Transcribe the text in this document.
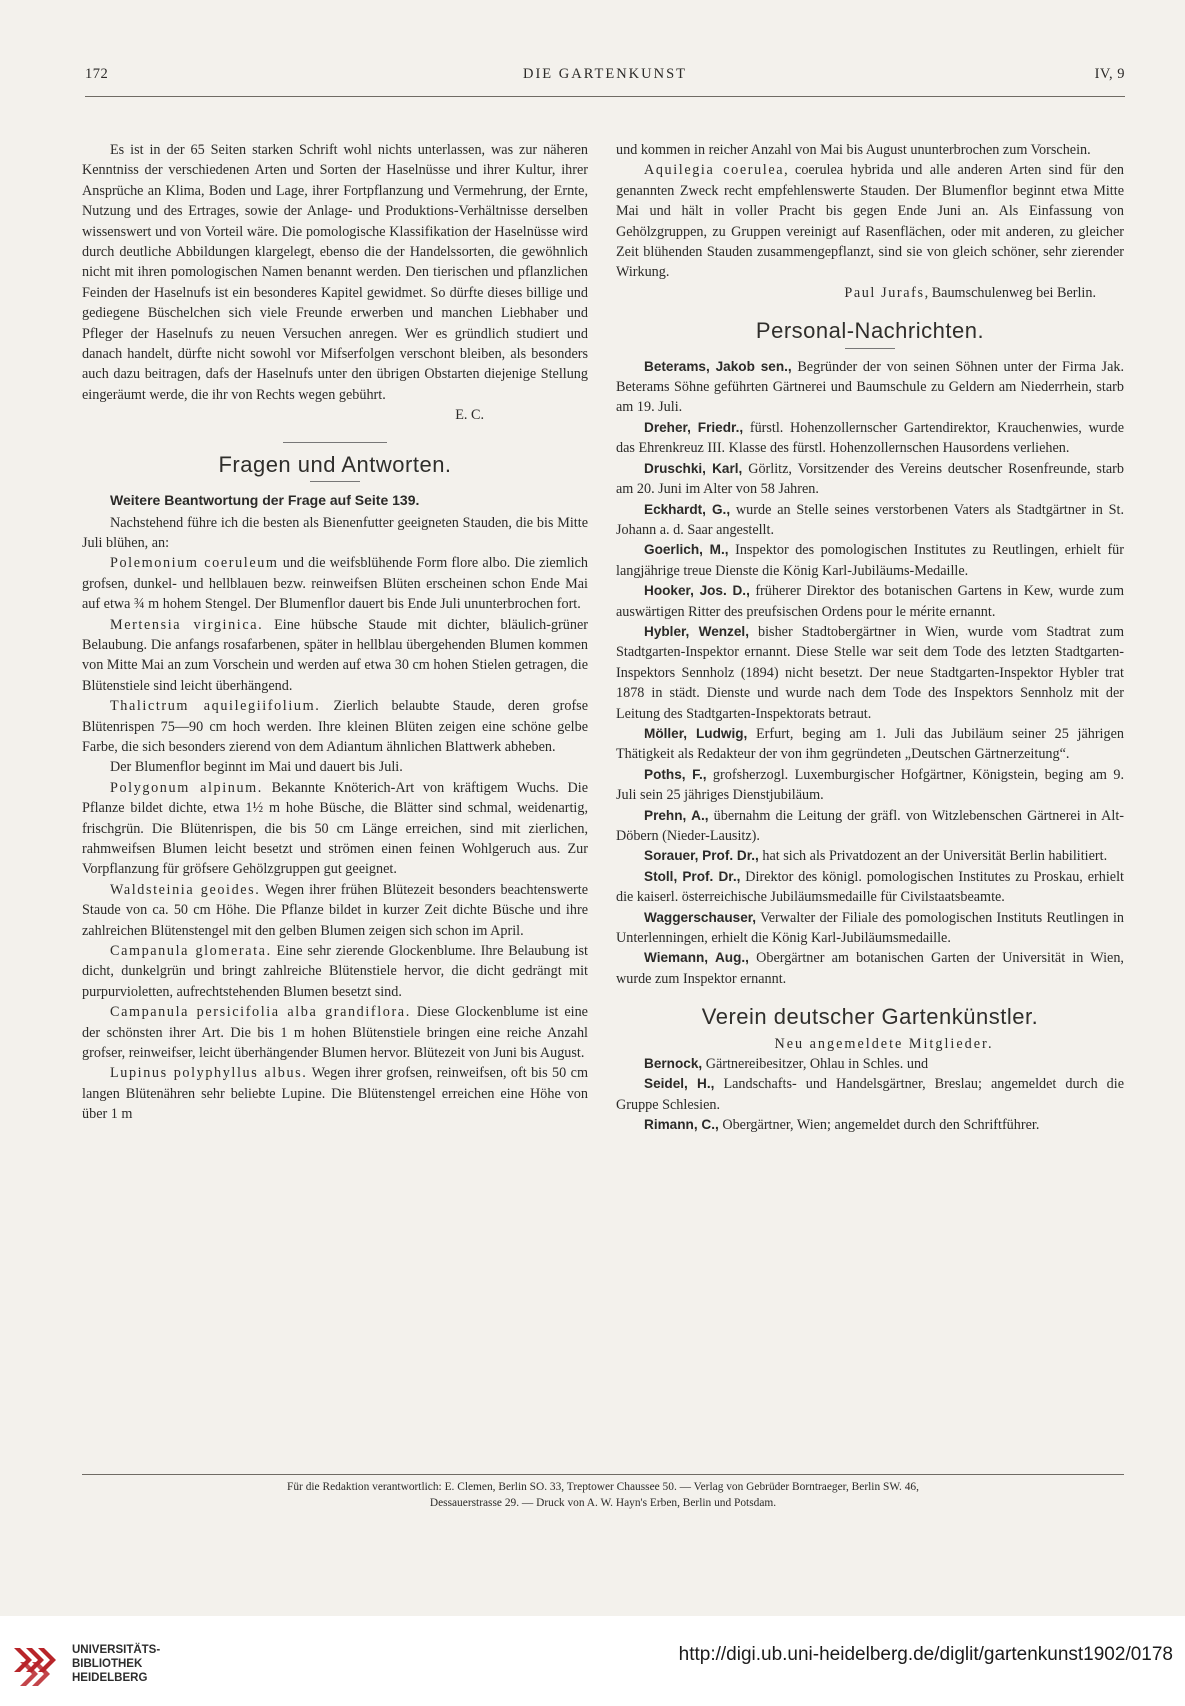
172	DIE GARTENKUNST	IV, 9

Es ist in der 65 Seiten starken Schrift wohl nichts unterlassen, was zur näheren Kenntniss der verschiedenen Arten und Sorten der Haselnüsse und ihrer Kultur, ihrer Ansprüche an Klima, Boden und Lage, ihrer Fortpflanzung und Vermehrung, der Ernte, Nutzung und des Ertrages, sowie der Anlage- und Produktions-Verhältnisse derselben wissenswert und von Vorteil wäre. Die pomologische Klassifikation der Haselnüsse wird durch deutliche Abbildungen klargelegt, ebenso die der Handelssorten, die gewöhnlich nicht mit ihren pomologischen Namen benannt werden. Den tierischen und pflanzlichen Feinden der Haselnufs ist ein besonderes Kapitel gewidmet. So dürfte dieses billige und gediegene Büschelchen sich viele Freunde erwerben und manchen Liebhaber und Pfleger der Haselnufs zu neuen Versuchen anregen. Wer es gründlich studiert und danach handelt, dürfte nicht sowohl vor Mifserfolgen verschont bleiben, als besonders auch dazu beitragen, dafs der Haselnufs unter den übrigen Obstarten diejenige Stellung eingeräumt werde, die ihr von Rechts wegen gebührt.

E. C.

Fragen und Antworten.
Weitere Beantwortung der Frage auf Seite 139.

Nachstehend führe ich die besten als Bienenfutter geeigneten Stauden, die bis Mitte Juli blühen, an:

Polemonium coeruleum und die weifsblühende Form flore albo. Die ziemlich grofsen, dunkel- und hellblauen bezw. reinweifsen Blüten erscheinen schon Ende Mai auf etwa ¾ m hohem Stengel. Der Blumenflor dauert bis Ende Juli ununterbrochen fort.

Mertensia virginica. Eine hübsche Staude mit dichter, bläulich-grüner Belaubung. Die anfangs rosafarbenen, später in hellblau übergehenden Blumen kommen von Mitte Mai an zum Vorschein und werden auf etwa 30 cm hohen Stielen getragen, die Blütenstiele sind leicht überhängend.

Thalictrum aquilegiifolium. Zierlich belaubte Staude, deren grofse Blütenrispen 75—90 cm hoch werden. Ihre kleinen Blüten zeigen eine schöne gelbe Farbe, die sich besonders zierend von dem Adiantum ähnlichen Blattwerk abheben.

Der Blumenflor beginnt im Mai und dauert bis Juli.

Polygonum alpinum. Bekannte Knöterich-Art von kräftigem Wuchs. Die Pflanze bildet dichte, etwa 1½ m hohe Büsche, die Blätter sind schmal, weidenartig, frischgrün. Die Blütenrispen, die bis 50 cm Länge erreichen, sind mit zierlichen, rahmweifsen Blumen leicht besetzt und strömen einen feinen Wohlgeruch aus. Zur Vorpflanzung für gröfsere Gehölzgruppen gut geeignet.

Waldsteinia geoides. Wegen ihrer frühen Blütezeit besonders beachtenswerte Staude von ca. 50 cm Höhe. Die Pflanze bildet in kurzer Zeit dichte Büsche und ihre zahlreichen Blütenstengel mit den gelben Blumen zeigen sich schon im April.

Campanula glomerata. Eine sehr zierende Glockenblume. Ihre Belaubung ist dicht, dunkelgrün und bringt zahlreiche Blütenstiele hervor, die dicht gedrängt mit purpurvioletten, aufrechtstehenden Blumen besetzt sind.

Campanula persicifolia alba grandiflora. Diese Glockenblume ist eine der schönsten ihrer Art. Die bis 1 m hohen Blütenstiele bringen eine reiche Anzahl grofser, reinweifser, leicht überhängender Blumen hervor. Blütezeit von Juni bis August.

Lupinus polyphyllus albus. Wegen ihrer grofsen, reinweifsen, oft bis 50 cm langen Blütenähren sehr beliebte Lupine. Die Blütenstengel erreichen eine Höhe von über 1 m

und kommen in reicher Anzahl von Mai bis August ununterbrochen zum Vorschein.

Aquilegia coerulea, coerulea hybrida und alle anderen Arten sind für den genannten Zweck recht empfehlenswerte Stauden. Der Blumenflor beginnt etwa Mitte Mai und hält in voller Pracht bis gegen Ende Juni an. Als Einfassung von Gehölzgruppen, zu Gruppen vereinigt auf Rasenflächen, oder mit anderen, zu gleicher Zeit blühenden Stauden zusammengepflanzt, sind sie von gleich schöner, sehr zierender Wirkung.

Paul Jurafs, Baumschulenweg bei Berlin.

Personal-Nachrichten.

Beterams, Jakob sen., Begründer der von seinen Söhnen unter der Firma Jak. Beterams Söhne geführten Gärtnerei und Baumschule zu Geldern am Niederrhein, starb am 19. Juli.

Dreher, Friedr., fürstl. Hohenzollernscher Gartendirektor, Krauchenwies, wurde das Ehrenkreuz III. Klasse des fürstl. Hohenzollernschen Hausordens verliehen.

Druschki, Karl, Görlitz, Vorsitzender des Vereins deutscher Rosenfreunde, starb am 20. Juni im Alter von 58 Jahren.

Eckhardt, G., wurde an Stelle seines verstorbenen Vaters als Stadtgärtner in St. Johann a. d. Saar angestellt.

Goerlich, M., Inspektor des pomologischen Institutes zu Reutlingen, erhielt für langjährige treue Dienste die König Karl-Jubiläums-Medaille.

Hooker, Jos. D., früherer Direktor des botanischen Gartens in Kew, wurde zum auswärtigen Ritter des preufsischen Ordens pour le mérite ernannt.

Hybler, Wenzel, bisher Stadtobergärtner in Wien, wurde vom Stadtrat zum Stadtgarten-Inspektor ernannt. Diese Stelle war seit dem Tode des letzten Stadtgarten-Inspektors Sennholz (1894) nicht besetzt. Der neue Stadtgarten-Inspektor Hybler trat 1878 in städt. Dienste und wurde nach dem Tode des Inspektors Sennholz mit der Leitung des Stadtgarten-Inspektorats betraut.

Möller, Ludwig, Erfurt, beging am 1. Juli das Jubiläum seiner 25 jährigen Thätigkeit als Redakteur der von ihm gegründeten „Deutschen Gärtnerzeitung“.

Poths, F., grofsherzogl. Luxemburgischer Hofgärtner, Königstein, beging am 9. Juli sein 25 jähriges Dienstjubiläum.

Prehn, A., übernahm die Leitung der gräfl. von Witzlebenschen Gärtnerei in Alt-Döbern (Nieder-Lausitz).

Sorauer, Prof. Dr., hat sich als Privatdozent an der Universität Berlin habilitiert.

Stoll, Prof. Dr., Direktor des königl. pomologischen Institutes zu Proskau, erhielt die kaiserl. österreichische Jubiläumsmedaille für Civilstaatsbeamte.

Waggerschauser, Verwalter der Filiale des pomologischen Instituts Reutlingen in Unterlenningen, erhielt die König Karl-Jubiläumsmedaille.

Wiemann, Aug., Obergärtner am botanischen Garten der Universität in Wien, wurde zum Inspektor ernannt.

Verein deutscher Gartenkünstler.

Neu angemeldete Mitglieder.

Bernock, Gärtnereibesitzer, Ohlau in Schles. und

Seidel, H., Landschafts- und Handelsgärtner, Breslau; angemeldet durch die Gruppe Schlesien.

Rimann, C., Obergärtner, Wien; angemeldet durch den Schriftführer.

Für die Redaktion verantwortlich: E. Clemen, Berlin SO. 33, Treptower Chaussee 50. — Verlag von Gebrüder Borntraeger, Berlin SW. 46,
Dessauerstrasse 29. — Druck von A. W. Hayn's Erben, Berlin und Potsdam.
UNIVERSITÄTS-
BIBLIOTHEK
HEIDELBERG
http://digi.ub.uni-heidelberg.de/diglit/gartenkunst1902/0178
